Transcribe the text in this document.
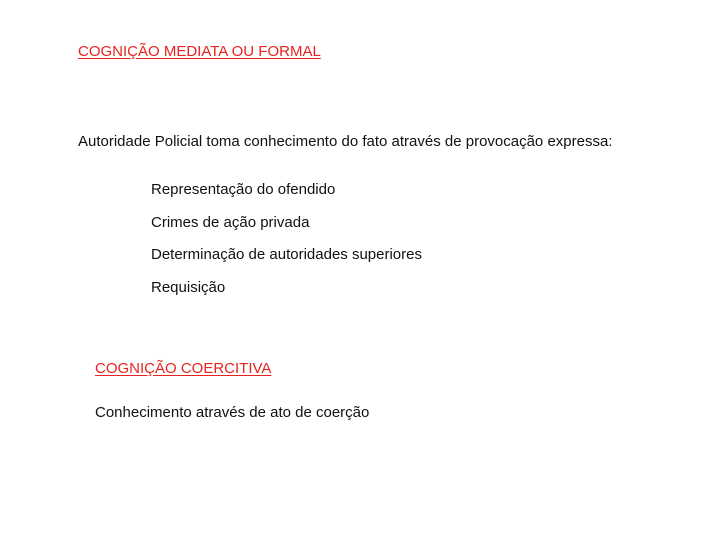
COGNIÇÃO MEDIATA OU FORMAL
Autoridade Policial toma conhecimento do fato através de provocação expressa:
Representação do ofendido
Crimes de ação privada
Determinação de autoridades superiores
Requisição
COGNIÇÃO COERCITIVA
Conhecimento através de ato de coerção
